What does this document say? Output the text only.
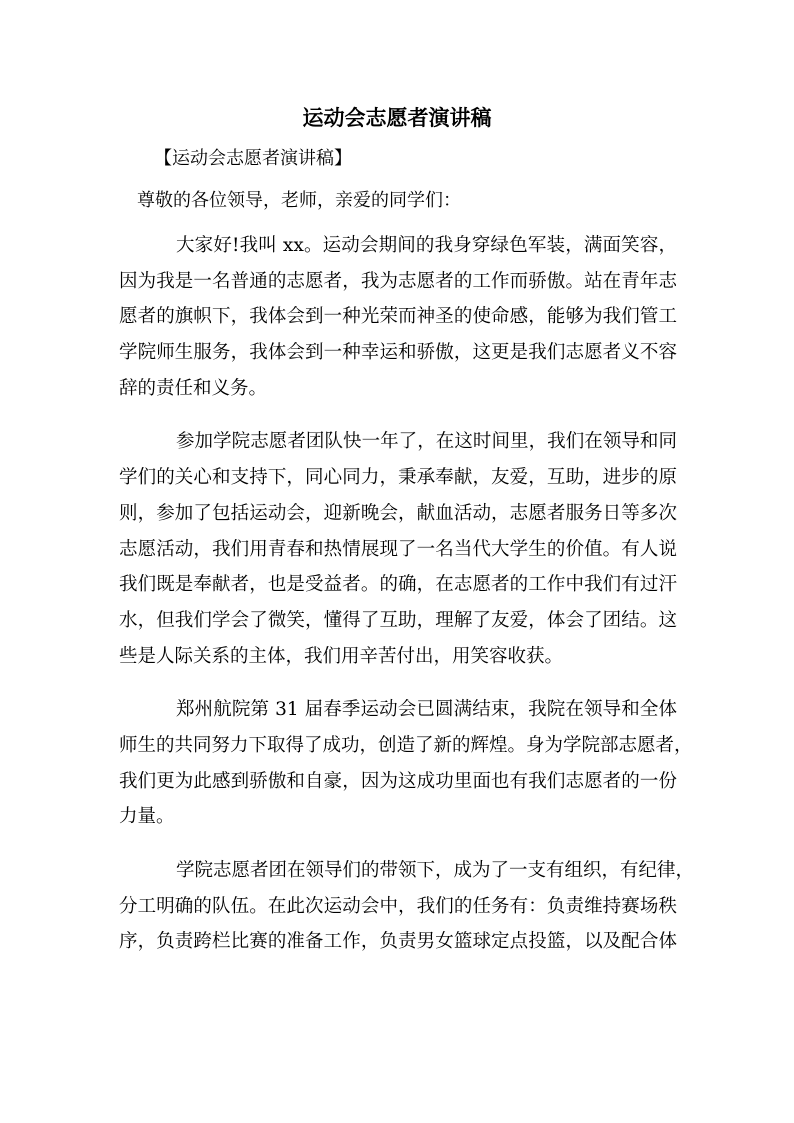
运动会志愿者演讲稿
【运动会志愿者演讲稿】
尊敬的各位领导，老师，亲爱的同学们：
大家好!我叫 xx。运动会期间的我身穿绿色军装，满面笑容，
因为我是一名普通的志愿者，我为志愿者的工作而骄傲。站在青年志
愿者的旗帜下，我体会到一种光荣而神圣的使命感，能够为我们管工
学院师生服务，我体会到一种幸运和骄傲，这更是我们志愿者义不容
辞的责任和义务。
参加学院志愿者团队快一年了，在这时间里，我们在领导和同
学们的关心和支持下，同心同力，秉承奉献，友爱，互助，进步的原
则，参加了包括运动会，迎新晚会，献血活动，志愿者服务日等多次
志愿活动，我们用青春和热情展现了一名当代大学生的价值。有人说
我们既是奉献者，也是受益者。的确，在志愿者的工作中我们有过汗
水，但我们学会了微笑，懂得了互助，理解了友爱，体会了团结。这
些是人际关系的主体，我们用辛苦付出，用笑容收获。
郑州航院第 31 届春季运动会已圆满结束，我院在领导和全体
师生的共同努力下取得了成功，创造了新的辉煌。身为学院部志愿者，
我们更为此感到骄傲和自豪，因为这成功里面也有我们志愿者的一份
力量。
学院志愿者团在领导们的带领下，成为了一支有组织，有纪律，
分工明确的队伍。在此次运动会中，我们的任务有：负责维持赛场秩
序，负责跨栏比赛的准备工作，负责男女篮球定点投篮，以及配合体
